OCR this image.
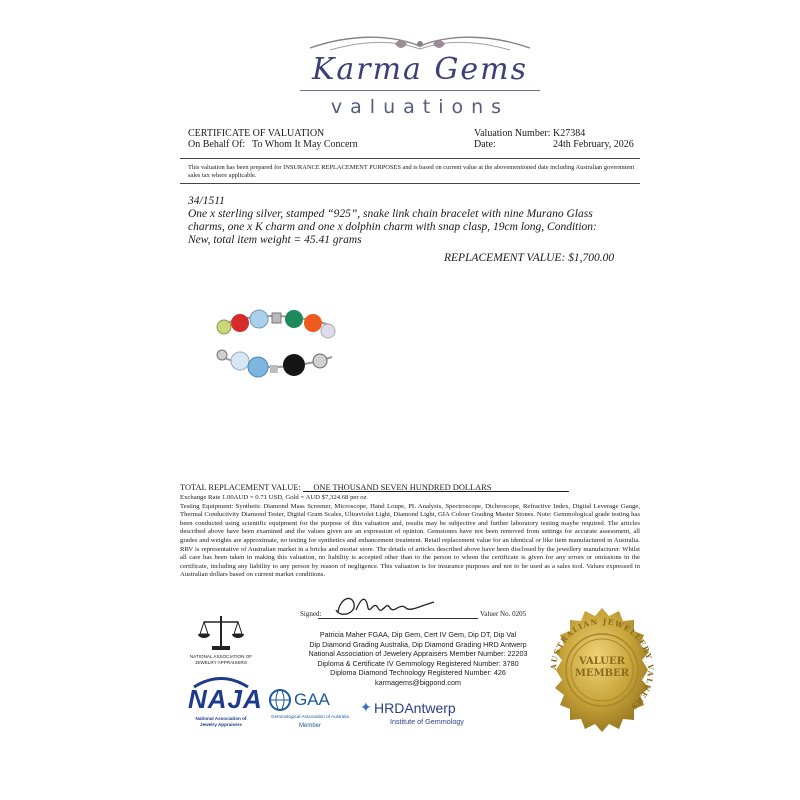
Karma Gems
valuations
CERTIFICATE OF VALUATION
On Behalf Of: To Whom It May Concern
Valuation Number: K27384
Date:	24th February, 2026
This valuation has been prepared for INSURANCE REPLACEMENT PURPOSES and is based on current value at the abovementioned date including Australian government sales tax where applicable.
34/1511
One x sterling silver, stamped “925”, snake link chain bracelet with nine Murano Glass charms, one x K charm and one x dolphin charm with snap clasp, 19cm long, Condition: New, total item weight = 45.41 grams
REPLACEMENT VALUE: $1,700.00
TOTAL REPLACEMENT VALUE: ONE THOUSAND SEVEN HUNDRED DOLLARS
Exchange Rate 1.00AUD = 0.71 USD, Gold = AUD $7,324.68 per oz
Testing Equipment: Synthetic Diamond Mass Screener, Microscope, Hand Loupe, PL Analysis, Spectroscope, Dichroscope, Refractive Index, Digital Leverage Gauge, Thermal Conductivity Diamond Tester, Digital Gram Scales, Ultraviolet Light, Diamond Light, GIA Colour Grading Master Stones. Note: Gemmological grade testing has been conducted using scientific equipment for the purpose of this valuation and, results may be subjective and further laboratory testing maybe required. The articles described above have been examined and the values given are an expression of opinion. Gemstones have not been removed from settings for accurate assessment, all grades and weights are approximate, no testing for synthetics and enhancement treatment. Retail replacement value for an identical or like item manufactured in Australia. RRV is representative of Australian market in a bricks and mortar store. The details of articles described above have been disclosed by the jewellery manufacturer. Whilst all care has been taken in making this valuation, no liability is accepted other than to the person to whom the certificate is given for any errors or omissions in the certificate, including any liability to any person by reason of negligence. This valuation is for insurance purposes and not to be used as a sales tool. Values expressed in Australian dollars based on current market conditions.
Signed:	Valuer No. 0205
Patricia Maher FGAA, Dip Gem, Cert IV Gem, Dip DT, Dip Val
Dip Diamond Grading Australia, Dip Diamond Grading HRD Antwerp
National Association of Jewelery Appraisers Member Number: 22203
Diploma & Certificate IV Gemmology Registered Number: 3780
Diploma Diamond Technology Registered Number: 426
karmagems@bigpond.com
NATIONAL ASSOCIATION OF JEWELRY APPRAISERS
NAJA
National Association of
Jewelry Appraisers
GAA
Gemmological Association of Australia
Member
✦ HRDAntwerp
Institute of Gemmology
AUSTRALIAN JEWELLERY VALUERS
VALUER MEMBER
